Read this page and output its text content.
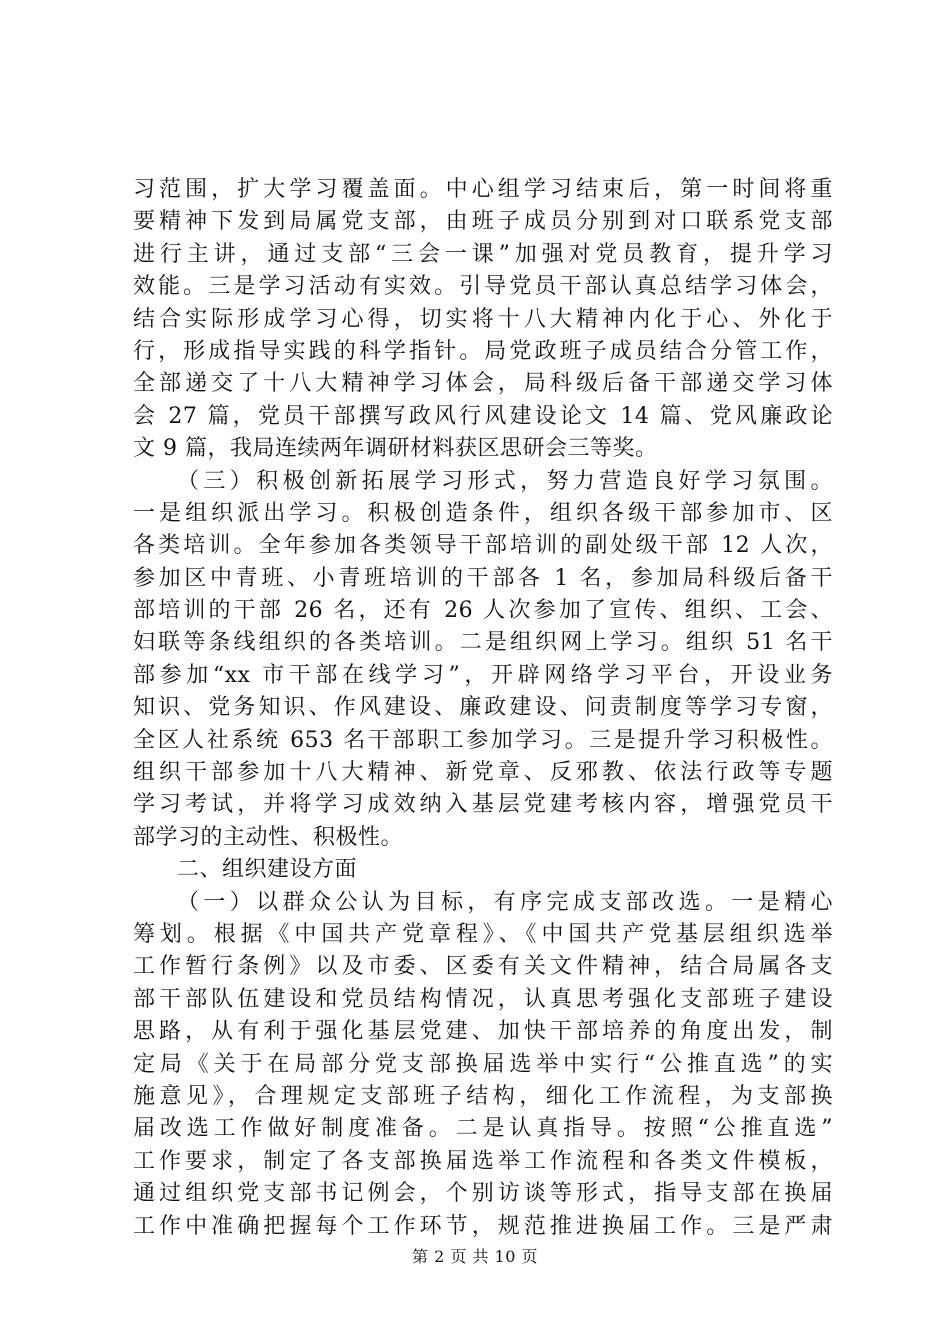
习范围，扩大学习覆盖面。中心组学习结束后，第一时间将重
要精神下发到局属党支部，由班子成员分别到对口联系党支部
进行主讲，通过支部“三会一课”加强对党员教育，提升学习
效能。三是学习活动有实效。引导党员干部认真总结学习体会，
结合实际形成学习心得，切实将十八大精神内化于心、外化于
行，形成指导实践的科学指针。局党政班子成员结合分管工作，
全部递交了十八大精神学习体会，局科级后备干部递交学习体
会 27 篇，党员干部撰写政风行风建设论文 14 篇、党风廉政论
文 9 篇，我局连续两年调研材料获区思研会三等奖。
（三）积极创新拓展学习形式，努力营造良好学习氛围。
一是组织派出学习。积极创造条件，组织各级干部参加市、区
各类培训。全年参加各类领导干部培训的副处级干部 12 人次，
参加区中青班、小青班培训的干部各 1 名，参加局科级后备干
部培训的干部 26 名，还有 26 人次参加了宣传、组织、工会、
妇联等条线组织的各类培训。二是组织网上学习。组织 51 名干
部参加“xx 市干部在线学习”，开辟网络学习平台，开设业务
知识、党务知识、作风建设、廉政建设、问责制度等学习专窗，
全区人社系统 653 名干部职工参加学习。三是提升学习积极性。
组织干部参加十八大精神、新党章、反邪教、依法行政等专题
学习考试，并将学习成效纳入基层党建考核内容，增强党员干
部学习的主动性、积极性。
二、组织建设方面
（一）以群众公认为目标，有序完成支部改选。一是精心
筹划。根据《中国共产党章程》、《中国共产党基层组织选举
工作暂行条例》以及市委、区委有关文件精神，结合局属各支
部干部队伍建设和党员结构情况，认真思考强化支部班子建设
思路，从有利于强化基层党建、加快干部培养的角度出发，制
定局《关于在局部分党支部换届选举中实行“公推直选”的实
施意见》，合理规定支部班子结构，细化工作流程，为支部换
届改选工作做好制度准备。二是认真指导。按照“公推直选”
工作要求，制定了各支部换届选举工作流程和各类文件模板，
通过组织党支部书记例会，个别访谈等形式，指导支部在换届
工作中准确把握每个工作环节，规范推进换届工作。三是严肃
第 2 页 共 10 页
